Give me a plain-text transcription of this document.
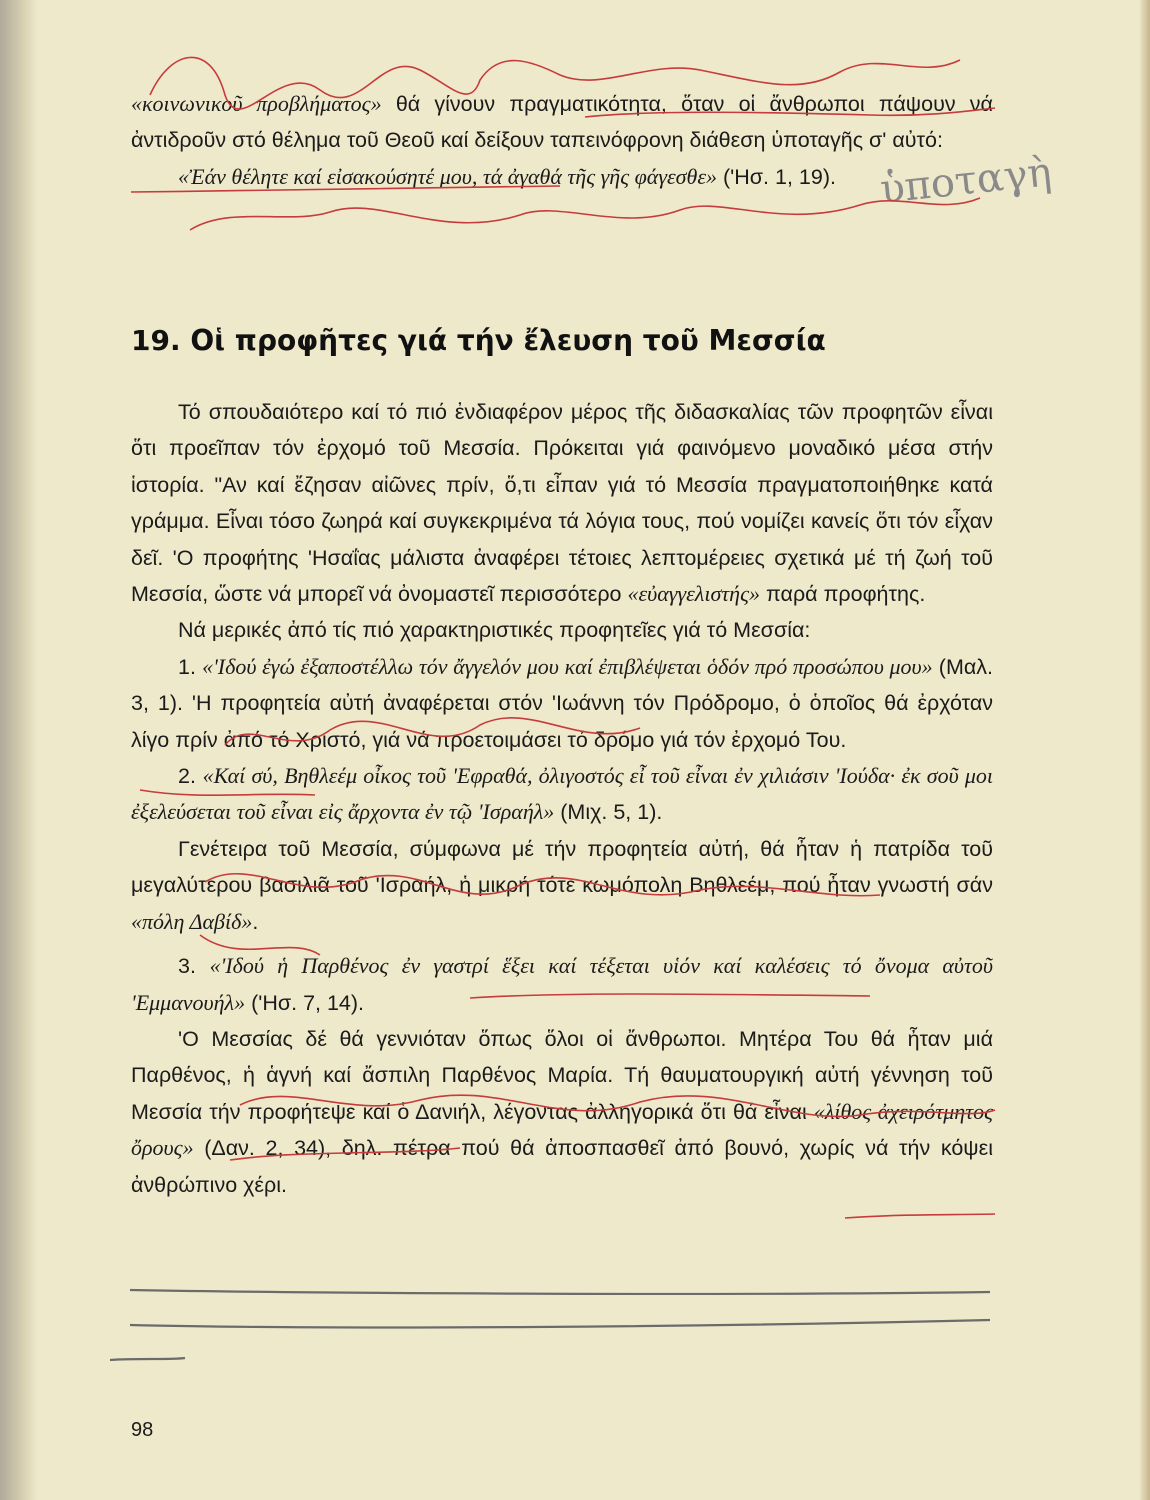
«κοινωνικοῦ προβλήματος» θά γίνουν πραγματικότητα, ὅταν οἱ ἄνθρωποι πάψουν νά ἀντιδροῦν στό θέλημα τοῦ Θεοῦ καί δείξουν ταπεινόφρονη διάθεση ὑποταγῆς σ' αὐτό:

«Ἐάν θέλητε καί εἰσακούσητέ μου, τά ἀγαθά τῆς γῆς φάγεσθε» ('Ησ. 1, 19).

19. Οἱ προφῆτες γιά τήν ἔλευση τοῦ Μεσσία

Τό σπουδαιότερο καί τό πιό ἐνδιαφέρον μέρος τῆς διδασκαλίας τῶν προφητῶν εἶναι ὅτι προεῖπαν τόν ἐρχομό τοῦ Μεσσία. Πρόκειται γιά φαινόμενο μοναδικό μέσα στήν ἱστορία. "Αν καί ἔζησαν αἰῶνες πρίν, ὅ,τι εἶπαν γιά τό Μεσσία πραγματοποιήθηκε κατά γράμμα. Εἶναι τόσο ζωηρά καί συγκεκριμένα τά λόγια τους, πού νομίζει κανείς ὅτι τόν εἶχαν δεῖ. 'Ο προφήτης 'Ησαΐας μάλιστα ἀναφέρει τέτοιες λεπτομέρειες σχετικά μέ τή ζωή τοῦ Μεσσία, ὥστε νά μπορεῖ νά ὀνομαστεῖ περισσότερο «εὐαγγελιστής» παρά προφήτης.

Νά μερικές ἀπό τίς πιό χαρακτηριστικές προφητεῖες γιά τό Μεσσία:

1. «'Ιδού ἐγώ ἐξαποστέλλω τόν ἄγγελόν μου καί ἐπιβλέψεται ὁδόν πρό προσώπου μου» (Μαλ. 3, 1). 'Η προφητεία αὐτή ἀναφέρεται στόν 'Ιωάννη τόν Πρόδρομο, ὁ ὁποῖος θά ἐρχόταν λίγο πρίν ἀπό τό Χριστό, γιά νά προετοιμάσει τό δρόμο γιά τόν ἐρχομό Του.

2. «Καί σύ, Βηθλεέμ οἶκος τοῦ 'Εφραθά, ὀλιγοστός εἶ τοῦ εἶναι ἐν χιλιάσιν 'Ιούδα· ἐκ σοῦ μοι ἐξελεύσεται τοῦ εἶναι εἰς ἄρχοντα ἐν τῷ 'Ισραήλ» (Μιχ. 5, 1).

Γενέτειρα τοῦ Μεσσία, σύμφωνα μέ τήν προφητεία αὐτή, θά ἦταν ἡ πατρίδα τοῦ μεγαλύτερου βασιλιᾶ τοῦ 'Ισραήλ, ἡ μικρή τότε κωμόπολη Βηθλεέμ, πού ἦταν γνωστή σάν «πόλη Δαβίδ».

3. «'Ιδού ἡ Παρθένος ἐν γαστρί ἕξει καί τέξεται υἱόν καί καλέσεις τό ὄνομα αὐτοῦ 'Εμμανουήλ» ('Ησ. 7, 14).

'Ο Μεσσίας δέ θά γεννιόταν ὅπως ὅλοι οἱ ἄνθρωποι. Μητέρα Του θά ἦταν μιά Παρθένος, ἡ ἁγνή καί ἄσπιλη Παρθένος Μαρία. Τή θαυματουργική αὐτή γέννηση τοῦ Μεσσία τήν προφήτεψε καί ὁ Δανιήλ, λέγοντας ἀλληγορικά ὅτι θά εἶναι «λίθος ἀχειρότμητος ὄρους» (Δαν. 2, 34), δηλ. πέτρα πού θά ἀποσπασθεῖ ἀπό βουνό, χωρίς νά τήν κόψει ἀνθρώπινο χέρι.

ὑποταγὴ
98
